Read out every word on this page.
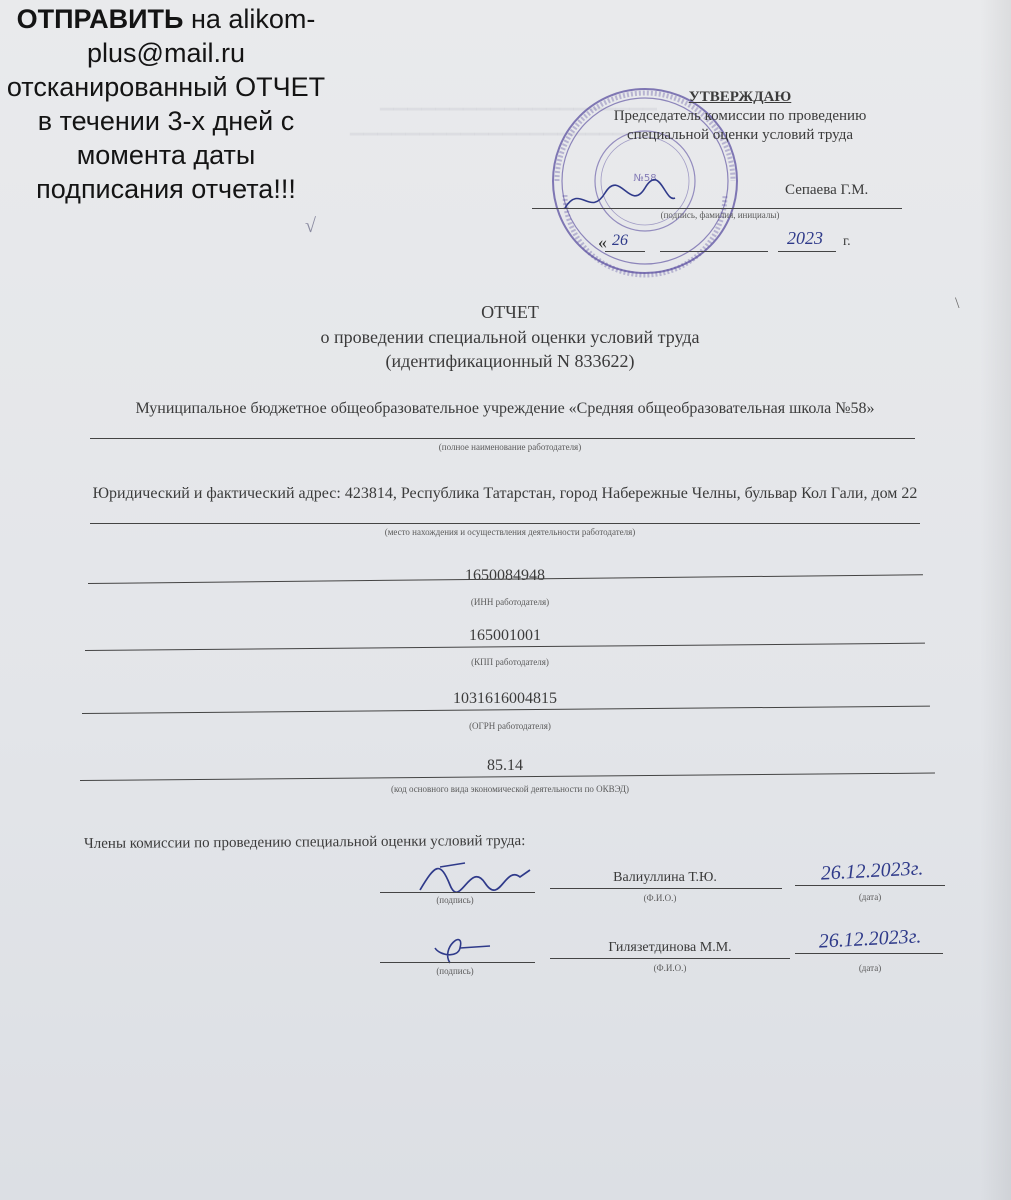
▁▁▁▁▁▁▁▁▁▁▁▁▁▁▁▁▁▁▁▁
▁▁▁▁▁▁▁▁▁▁▁▁▁▁▁▁▁▁▁▁▁▁▁
ОТПРАВИТЬ на alikom-plus@mail.ru отсканированный ОТЧЕТ в течении 3-х дней с момента даты подписания отчета!!!	№58
УТВЕРЖДАЮ
Председатель комиссии по проведению специальной оценки условий труда
Сепаева Г.М.
(подпись, фамилия, инициалы)
« 26	2023 г.
\
√
ОТЧЕТ
о проведении специальной оценки условий труда
(идентификационный N 833622)
Муниципальное бюджетное общеобразовательное учреждение «Средняя общеобразовательная школа №58»
(полное наименование работодателя)
Юридический и фактический адрес: 423814, Республика Татарстан, город Набережные Челны, бульвар Кол Гали, дом 22
(место нахождения и осуществления деятельности работодателя)
1650084948
(ИНН работодателя)
165001001
(КПП работодателя)
1031616004815
(ОГРН работодателя)
85.14
(код основного вида экономической деятельности по ОКВЭД)
Члены комиссии по проведению специальной оценки условий труда:
(подпись)
Валиуллина Т.Ю.
(Ф.И.О.)
26.12.2023г.
(дата)
(подпись)
Гилязетдинова М.М.
(Ф.И.О.)
26.12.2023г.
(дата)
